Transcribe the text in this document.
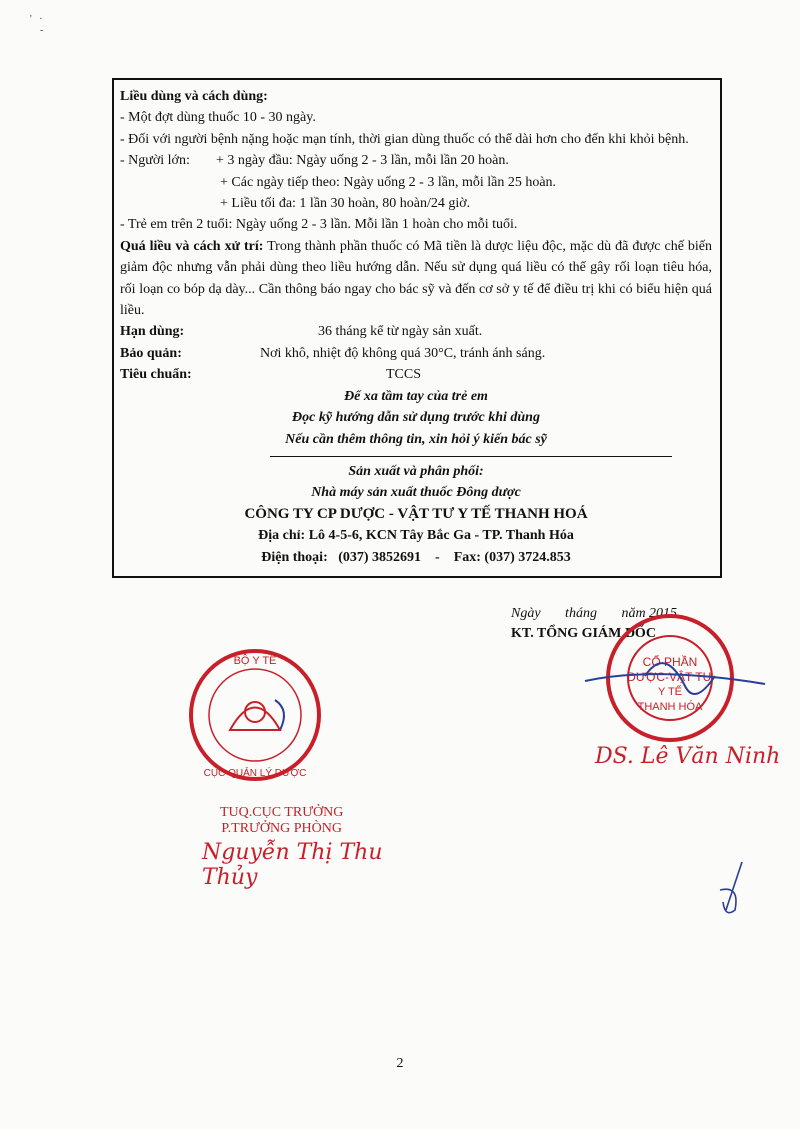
'   ·
-
Liều dùng và cách dùng:
- Một đợt dùng thuốc 10 - 30 ngày.
- Đối với người bệnh nặng hoặc mạn tính, thời gian dùng thuốc có thể dài hơn cho đến khi khỏi bệnh.
- Người lớn: + 3 ngày đầu: Ngày uống 2 - 3 lần, mỗi lần 20 hoàn.
+ Các ngày tiếp theo: Ngày uống 2 - 3 lần, mỗi lần 25 hoàn.
+ Liều tối đa: 1 lần 30 hoàn, 80 hoàn/24 giờ.
- Trẻ em trên 2 tuổi: Ngày uống 2 - 3 lần. Mỗi lần 1 hoàn cho mỗi tuổi.
Quá liều và cách xử trí: Trong thành phần thuốc có Mã tiền là dược liệu độc, mặc dù đã được chế biến giảm độc nhưng vẫn phải dùng theo liều hướng dẫn. Nếu sử dụng quá liều có thể gây rối loạn tiêu hóa, rối loạn co bóp dạ dày... Cần thông báo ngay cho bác sỹ và đến cơ sở y tế để điều trị khi có biểu hiện quá liều.
Hạn dùng:	36 tháng kể từ ngày sản xuất.
Bảo quản:	Nơi khô, nhiệt độ không quá 30°C, tránh ánh sáng.
Tiêu chuẩn:	TCCS
Để xa tầm tay của trẻ em
Đọc kỹ hướng dẫn sử dụng trước khi dùng
Nếu cần thêm thông tin, xin hỏi ý kiến bác sỹ
Sản xuất và phân phối:
Nhà máy sản xuất thuốc Đông dược
CÔNG TY CP DƯỢC - VẬT TƯ Y TẾ THANH HOÁ
Địa chỉ: Lô 4-5-6, KCN Tây Bắc Ga - TP. Thanh Hóa
Điện thoại:   (037) 3852691    -    Fax: (037) 3724.853
Ngày       tháng       năm 2015
KT. TỔNG GIÁM ĐỐC
CỔ PHẦN
DƯỢC-VẬT TƯ
Y TẾ
THANH HÓA
DS. Lê Văn Ninh
BỘ Y TẾ
CỤC QUẢN LÝ DƯỢC
TUQ.CỤC TRƯỞNG
P.TRƯỞNG PHÒNG
Nguyễn Thị Thu Thủy
2
